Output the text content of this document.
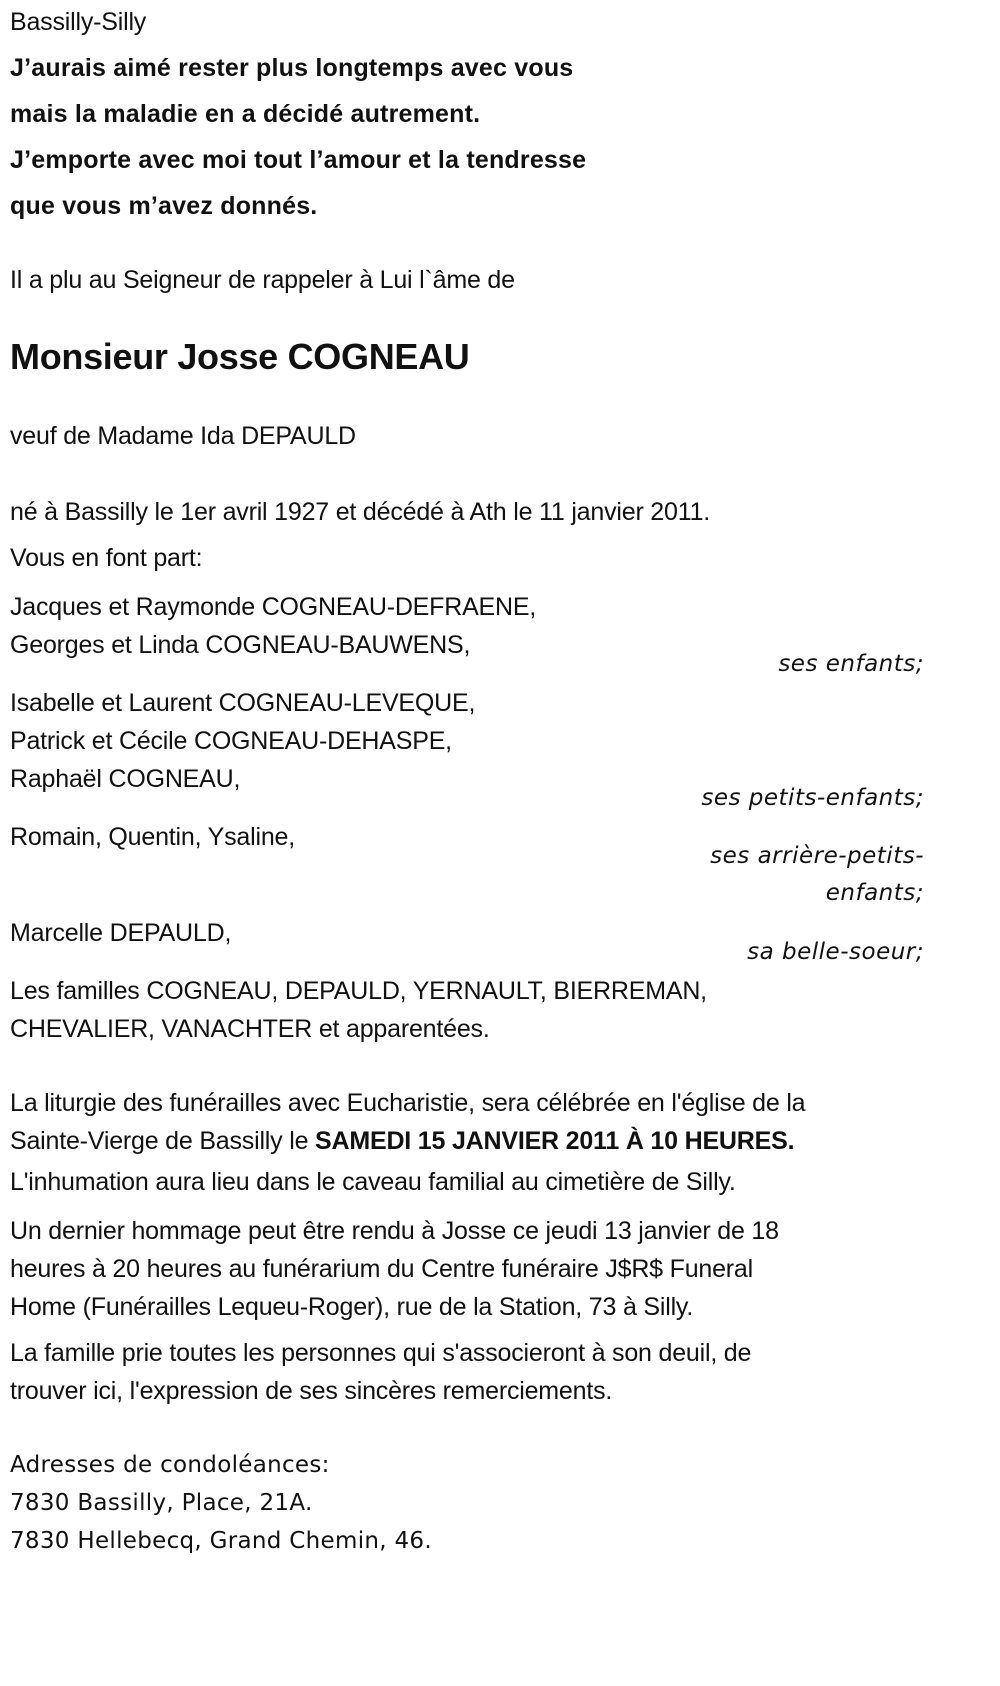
Bassilly-Silly
J’aurais aimé rester plus longtemps avec vous
mais la maladie en a décidé autrement.
J’emporte avec moi tout l’amour et la tendresse
que vous m’avez donnés.
Il a plu au Seigneur de rappeler à Lui l`âme de
Monsieur Josse COGNEAU
veuf de Madame Ida DEPAULD
né à Bassilly le 1er avril 1927 et décédé à Ath le 11 janvier 2011.
Vous en font part:
Jacques et Raymonde COGNEAU-DEFRAENE,
Georges et Linda COGNEAU-BAUWENS,
ses enfants;
Isabelle et Laurent COGNEAU-LEVEQUE,
Patrick et Cécile COGNEAU-DEHASPE,
Raphaël COGNEAU,
ses petits-enfants;
Romain, Quentin, Ysaline,
ses arrière-petits-
enfants;
Marcelle DEPAULD,
sa belle-soeur;
Les familles COGNEAU, DEPAULD, YERNAULT, BIERREMAN,
CHEVALIER, VANACHTER et apparentées.
La liturgie des funérailles avec Eucharistie, sera célébrée en l'église de la
Sainte-Vierge de Bassilly le SAMEDI 15 JANVIER 2011 À 10 HEURES.
L'inhumation aura lieu dans le caveau familial au cimetière de Silly.
Un dernier hommage peut être rendu à Josse ce jeudi 13 janvier de 18
heures à 20 heures au funérarium du Centre funéraire J$R$ Funeral
Home (Funérailles Lequeu-Roger), rue de la Station, 73 à Silly.
La famille prie toutes les personnes qui s'associeront à son deuil, de
trouver ici, l'expression de ses sincères remerciements.
Adresses de condoléances:
7830 Bassilly, Place, 21A.
7830 Hellebecq, Grand Chemin, 46.
